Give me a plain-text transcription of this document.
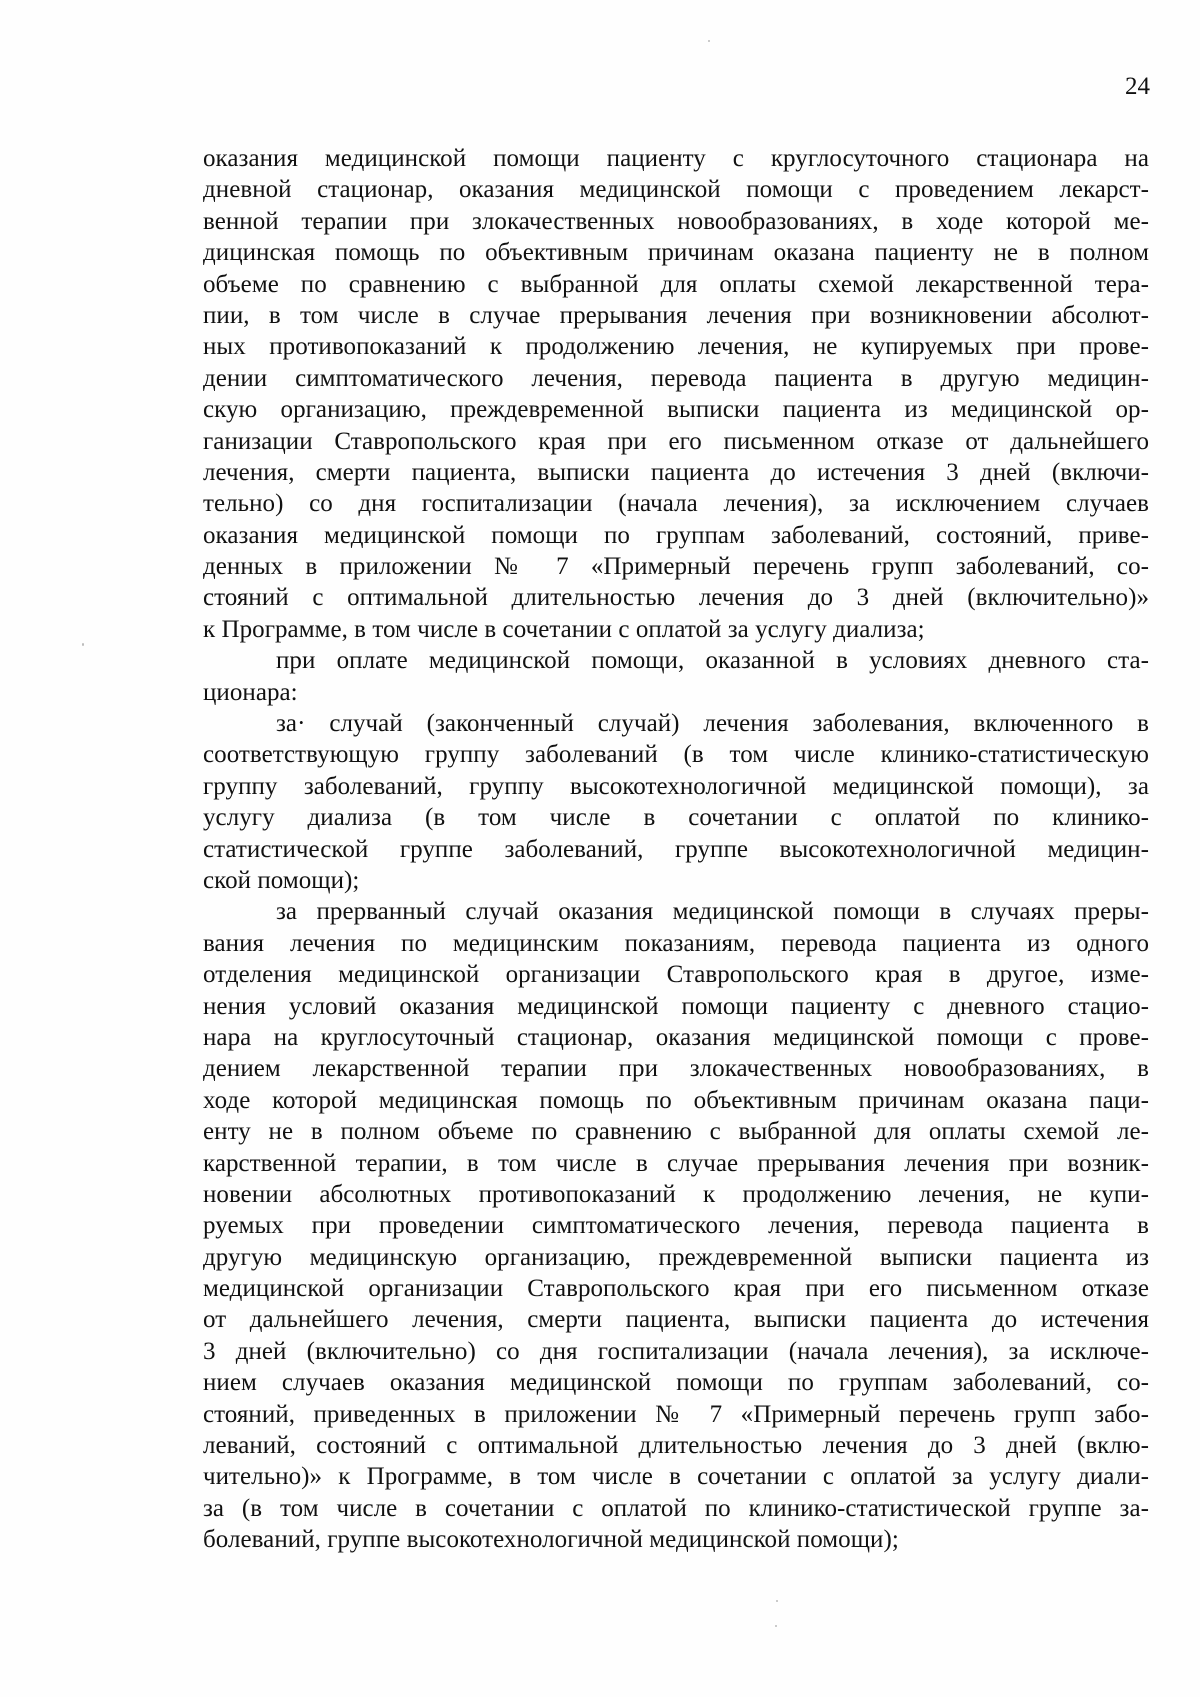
24
оказания медицинской помощи пациенту с круглосуточного стационара на
дневной стационар, оказания медицинской помощи с проведением лекарст-
венной терапии при злокачественных новообразованиях, в ходе которой ме-
дицинская помощь по объективным причинам оказана пациенту не в полном
объеме по сравнению с выбранной для оплаты схемой лекарственной тера-
пии, в том числе в случае прерывания лечения при возникновении абсолют-
ных противопоказаний к продолжению лечения, не купируемых при прове-
дении симптоматического лечения, перевода пациента в другую медицин-
скую организацию, преждевременной выписки пациента из медицинской ор-
ганизации Ставропольского края при его письменном отказе от дальнейшего
лечения, смерти пациента, выписки пациента до истечения 3 дней (включи-
тельно) со дня госпитализации (начала лечения), за исключением случаев
оказания медицинской помощи по группам заболеваний, состояний, приве-
денных в приложении № 7 «Примерный перечень групп заболеваний, со-
стояний с оптимальной длительностью лечения до 3 дней (включительно)»
к Программе, в том числе в сочетании с оплатой за услугу диализа;
при оплате медицинской помощи, оказанной в условиях дневного ста-
ционара:
за· случай (законченный случай) лечения заболевания, включенного в
соответствующую группу заболеваний (в том числе клинико-статистическую
группу заболеваний, группу высокотехнологичной медицинской помощи), за
услугу диализа (в том числе в сочетании с оплатой по клинико-
статистической группе заболеваний, группе высокотехнологичной медицин-
ской помощи);
за прерванный случай оказания медицинской помощи в случаях преры-
вания лечения по медицинским показаниям, перевода пациента из одного
отделения медицинской организации Ставропольского края в другое, изме-
нения условий оказания медицинской помощи пациенту с дневного стацио-
нара на круглосуточный стационар, оказания медицинской помощи с прове-
дением лекарственной терапии при злокачественных новообразованиях, в
ходе которой медицинская помощь по объективным причинам оказана паци-
енту не в полном объеме по сравнению с выбранной для оплаты схемой ле-
карственной терапии, в том числе в случае прерывания лечения при возник-
новении абсолютных противопоказаний к продолжению лечения, не купи-
руемых при проведении симптоматического лечения, перевода пациента в
другую медицинскую организацию, преждевременной выписки пациента из
медицинской организации Ставропольского края при его письменном отказе
от дальнейшего лечения, смерти пациента, выписки пациента до истечения
3 дней (включительно) со дня госпитализации (начала лечения), за исключе-
нием случаев оказания медицинской помощи по группам заболеваний, со-
стояний, приведенных в приложении № 7 «Примерный перечень групп забо-
леваний, состояний с оптимальной длительностью лечения до 3 дней (вклю-
чительно)» к Программе, в том числе в сочетании с оплатой за услугу диали-
за (в том числе в сочетании с оплатой по клинико-статистической группе за-
болеваний, группе высокотехнологичной медицинской помощи);
